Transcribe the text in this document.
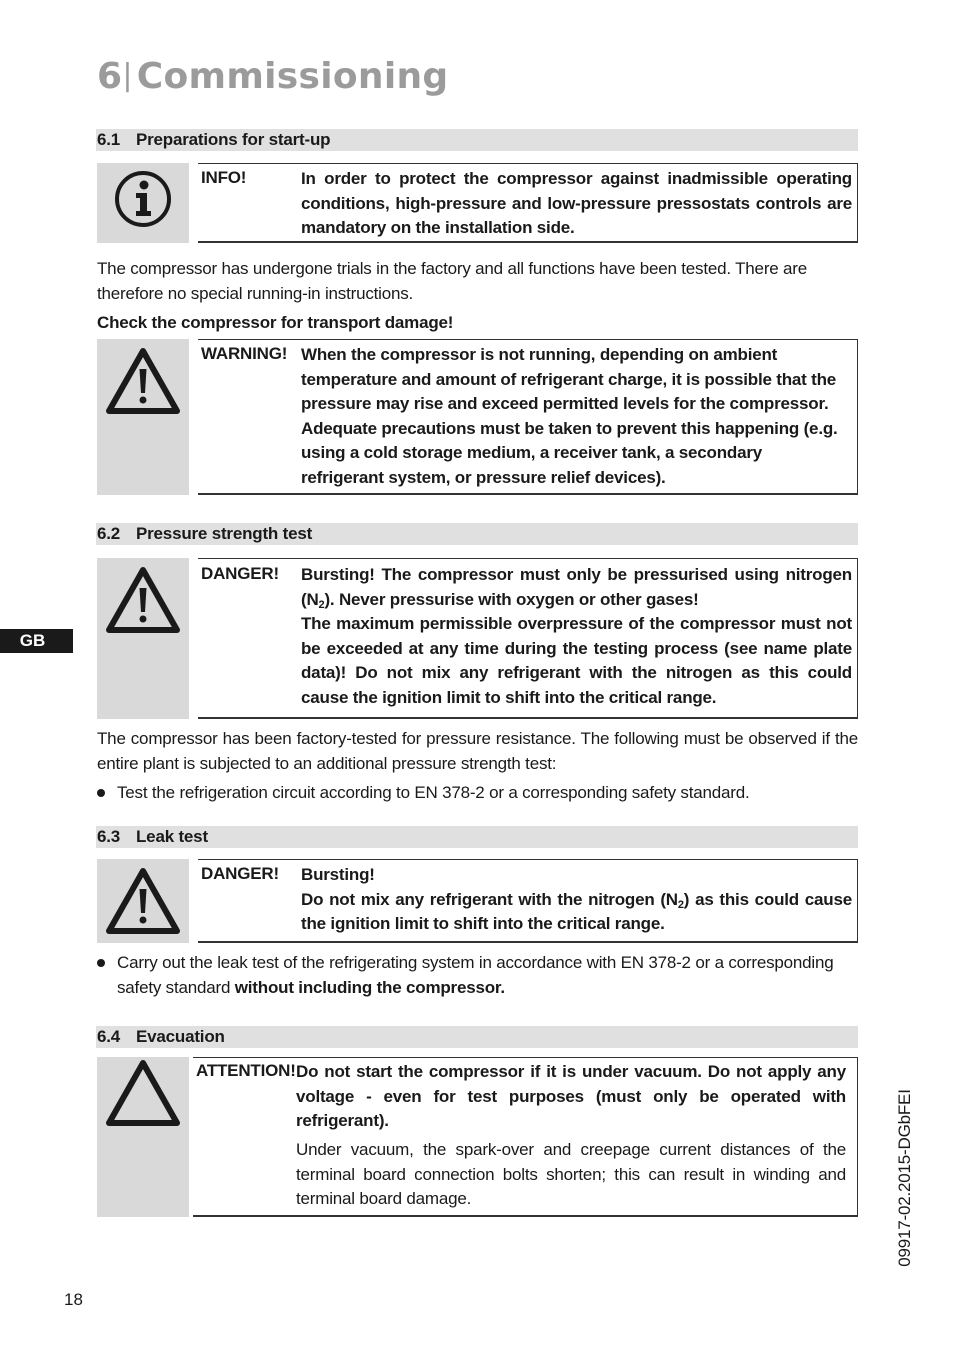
6| Commissioning
GB
6.1 Preparations for start-up
INFO!	In order to protect the compressor against inadmissible operating conditions, high-pressure and low-pressure pressostats controls are mandatory on the installation side.
The compressor has undergone trials in the factory and all functions have been tested. There are therefore no special running-in instructions.
Check the compressor for transport damage!
WARNING! When the compressor is not running, depending on ambient temperature and amount of refrigerant charge, it is possible that the pressure may rise and exceed permitted levels for the compressor. Adequate precautions must be taken to prevent this happening (e.g. using a cold storage medium, a receiver tank, a secondary refrigerant system, or pressure relief devices).
6.2 Pressure strength test
DANGER! Bursting! The compressor must only be pressurised using nitrogen $(N_2)$. Never pressurise with oxygen or other gases!
The maximum permissible overpressure of the compressor must not be exceeded at any time during the testing process (see name plate data)! Do not mix any refrigerant with the nitrogen as this could cause the ignition limit to shift into the critical range.
The compressor has been factory-tested for pressure resistance. The following must be observed if the entire plant is subjected to an additional pressure strength test:
Test the refrigeration circuit according to EN 378-2 or a corresponding safety standard.
6.3 Leak test
DANGER! Bursting!
Do not mix any refrigerant with the nitrogen $(N_2)$ as this could cause the ignition limit to shift into the critical range.
Carry out the leak test of the refrigerating system in accordance with EN 378-2 or a corresponding safety standard without including the compressor.
6.4 Evacuation
ATTENTION! Do not start the compressor if it is under vacuum. Do not apply any voltage - even for test purposes (must only be operated with refrigerant).
Under vacuum, the spark-over and creepage current distances of the terminal board connection bolts shorten; this can result in winding and terminal board damage.
18
09917-02.2015-DGbFEI
